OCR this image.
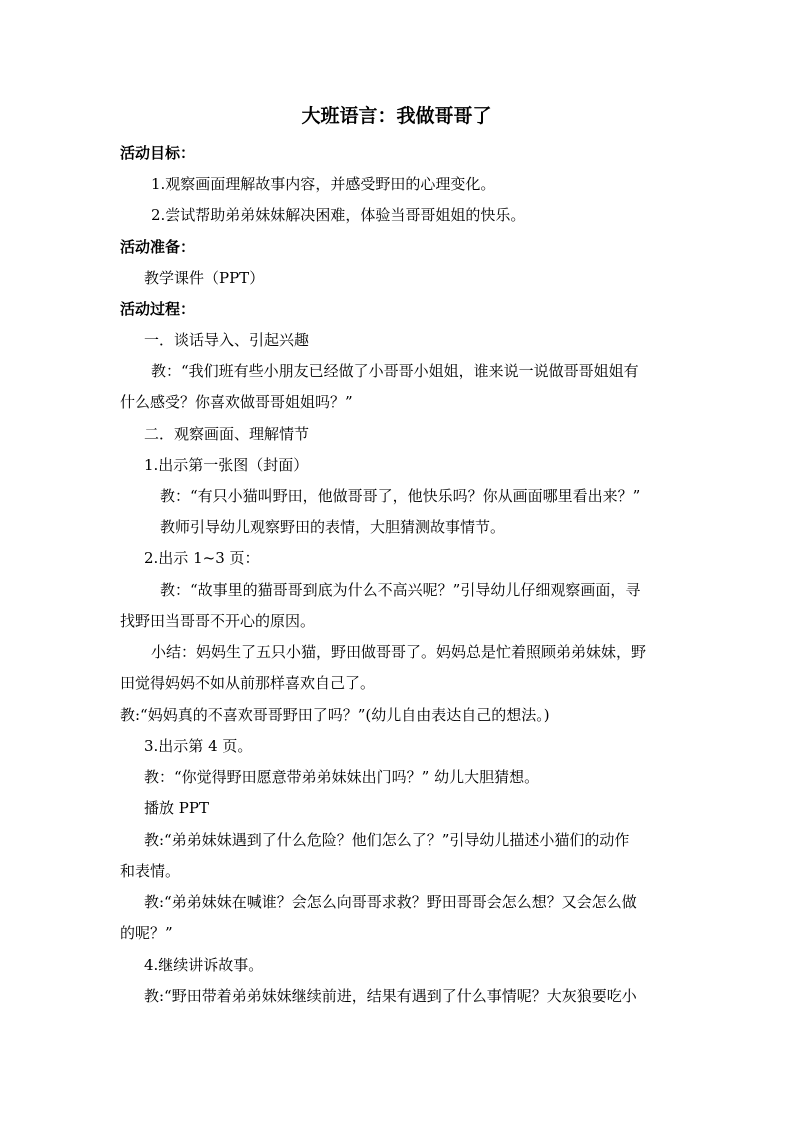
大班语言：我做哥哥了
活动目标：
1.观察画面理解故事内容，并感受野田的心理变化。
2.尝试帮助弟弟妹妹解决困难，体验当哥哥姐姐的快乐。
活动准备：
教学课件（PPT）
活动过程：
一．谈话导入、引起兴趣
教：“我们班有些小朋友已经做了小哥哥小姐姐，谁来说一说做哥哥姐姐有
什么感受？你喜欢做哥哥姐姐吗？”
二．观察画面、理解情节
1.出示第一张图（封面）
教：“有只小猫叫野田，他做哥哥了，他快乐吗？你从画面哪里看出来？”
教师引导幼儿观察野田的表情，大胆猜测故事情节。
2.出示 1~3 页：
教：“故事里的猫哥哥到底为什么不高兴呢？”引导幼儿仔细观察画面，寻
找野田当哥哥不开心的原因。
小结：妈妈生了五只小猫，野田做哥哥了。妈妈总是忙着照顾弟弟妹妹，野
田觉得妈妈不如从前那样喜欢自己了。
教:“妈妈真的不喜欢哥哥野田了吗？”(幼儿自由表达自己的想法。)
3.出示第 4 页。
教：“你觉得野田愿意带弟弟妹妹出门吗？” 幼儿大胆猜想。
播放 PPT
教:“弟弟妹妹遇到了什么危险？他们怎么了？”引导幼儿描述小猫们的动作
和表情。
教:“弟弟妹妹在喊谁？会怎么向哥哥求救？野田哥哥会怎么想？又会怎么做
的呢？”
4.继续讲诉故事。
教:“野田带着弟弟妹妹继续前进，结果有遇到了什么事情呢？大灰狼要吃小
